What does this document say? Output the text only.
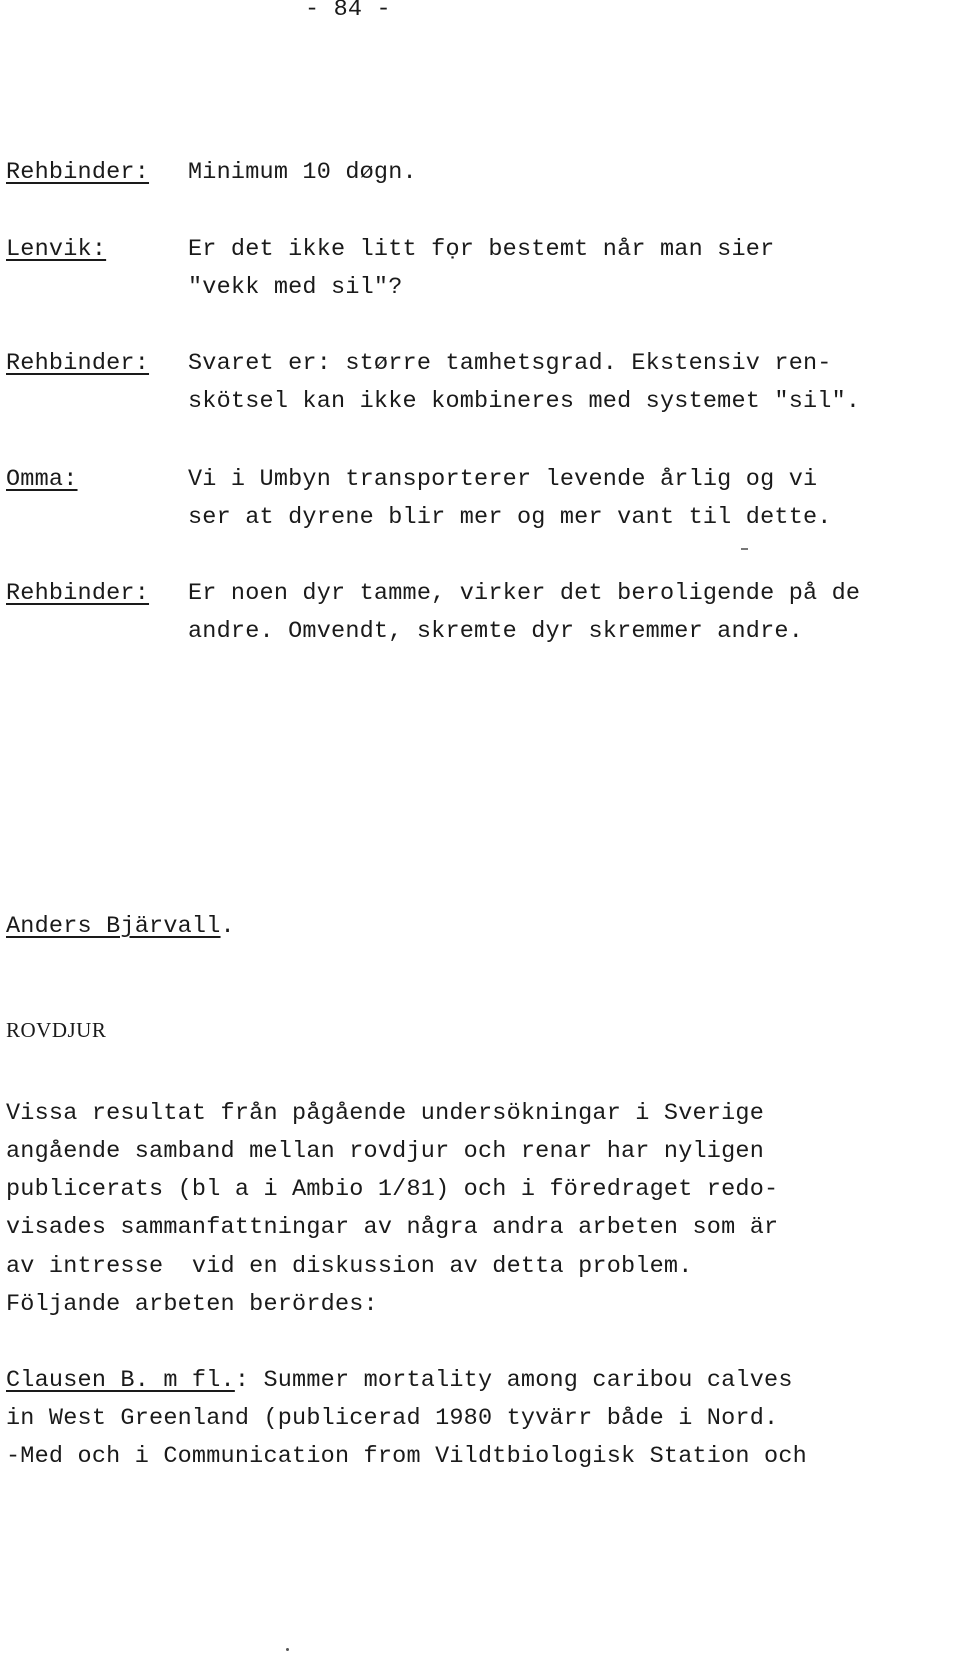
- 84 -
Rehbinder: Minimum 10 døgn.
Lenvik:	Er det ikke litt fọr bestemt når man sier
"vekk med sil"?
Rehbinder: Svaret er: større tamhetsgrad. Ekstensiv ren-
skötsel kan ikke kombineres med systemet "sil".
Omma:	Vi i Umbyn transporterer levende årlig og vi
ser at dyrene blir mer og mer vant til dette.
Rehbinder: Er noen dyr tamme, virker det beroligende på de
andre. Omvendt, skremte dyr skremmer andre.
Anders Bjärvall.
ROVDJUR
Vissa resultat från pågående undersökningar i Sverige
angående samband mellan rovdjur och renar har nyligen
publicerats (bl a i Ambio 1/81) och i föredraget redo-
visades sammanfattningar av några andra arbeten som är
av intresse  vid en diskussion av detta problem.
Följande arbeten berördes:
Clausen B. m fl.: Summer mortality among caribou calves
in West Greenland (publicerad 1980 tyvärr både i Nord.
-Med och i Communication from Vildtbiologisk Station och
